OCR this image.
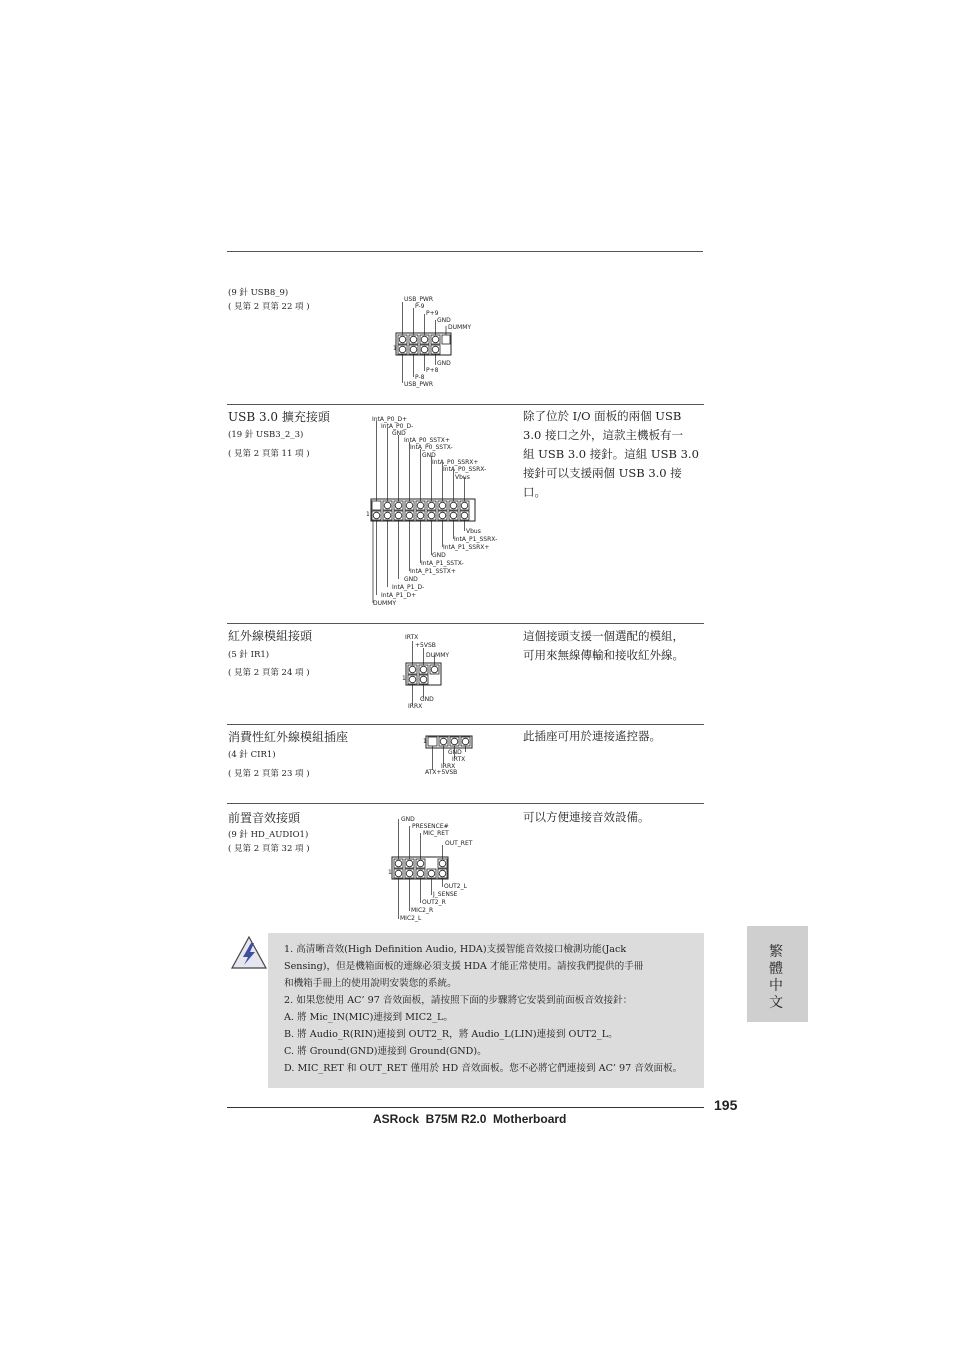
(9 針 USB8_9)
( 見第 2 頁第 22 項 )
1
USB_PWR
P-9
P+9
GND
DUMMY
GND
P+8
P-8
USB_PWR
USB 3.0 擴充接頭
(19 針 USB3_2_3)
( 見第 2 頁第 11 項 )
除了位於 I/O 面板的兩個 USB
3.0 接口之外，這款主機板有一
組 USB 3.0 接針。這組 USB 3.0
接針可以支援兩個 USB 3.0 接
口。
1
IntA_P0_D+
IntA_P0_D-
GND
IntA_P0_SSTX+
IntA_P0_SSTX-
GND
IntA_P0_SSRX+
IntA_P0_SSRX-
Vbus
Vbus
IntA_P1_SSRX-
IntA_P1_SSRX+
GND
IntA_P1_SSTX-
IntA_P1_SSTX+
GND
IntA_P1_D-
IntA_P1_D+
DUMMY
紅外線模組接頭
(5 針 IR1)
( 見第 2 頁第 24 項 )
這個接頭支援一個選配的模組，
可用來無線傳輸和接收紅外線。
1
IRTX
+5VSB
DUMMY
GND
IRRX
消費性紅外線模組插座
(4 針 CIR1)
( 見第 2 頁第 23 項 )
此插座可用於連接遙控器。
1
GND
IRTX
IRRX
ATX+5VSB
前置音效接頭
(9 針 HD_AUDIO1)
( 見第 2 頁第 32 項 )
可以方便連接音效設備。
1
GND
PRESENCE#
MIC_RET
OUT_RET
OUT2_L
J_SENSE
OUT2_R
MIC2_R
MIC2_L

1. 高清晰音效(High Definition Audio, HDA)支援智能音效接口檢測功能(Jack

Sensing)，但是機箱面板的連線必須支援 HDA 才能正常使用。請按我們提供的手冊

和機箱手冊上的使用說明安裝您的系統。

2. 如果您使用 AC’ 97 音效面板，請按照下面的步驟將它安裝到前面板音效接針：

A. 將 Mic_IN(MIC)連接到 MIC2_L。

B. 將 Audio_R(RIN)連接到 OUT2_R，將 Audio_L(LIN)連接到 OUT2_L。

C. 將 Ground(GND)連接到 Ground(GND)。

D. MIC_RET 和 OUT_RET 僅用於 HD 音效面板。您不必將它們連接到 AC’ 97 音效面板。

繁體中文
195
ASRock  B75M R2.0  Motherboard
